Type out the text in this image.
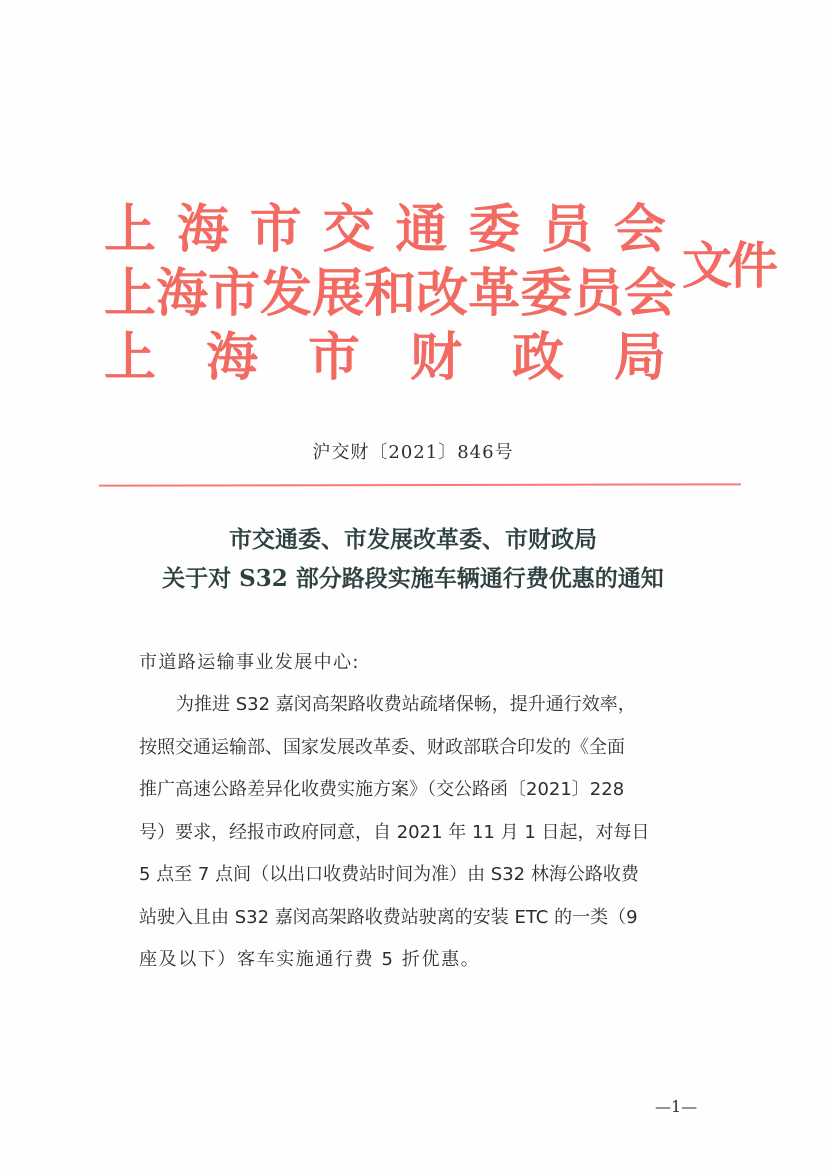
上 海 市 交 通 委 员 会
上 海 市 发 展 和 改 革 委 员 会
上 海 市 财 政 局
文件
沪交财〔2021〕846号
市交通委、市发展改革委、市财政局
关于对 S32 部分路段实施车辆通行费优惠的通知
市道路运输事业发展中心:
为推进 S32 嘉闵高架路收费站疏堵保畅，提升通行效率，
按照交通运输部、国家发展改革委、财政部联合印发的《全面
推广高速公路差异化收费实施方案》（交公路函〔2021〕228
号）要求，经报市政府同意，自 2021 年 11 月 1 日起，对每日
5 点至 7 点间（以出口收费站时间为准）由 S32 林海公路收费
站驶入且由 S32 嘉闵高架路收费站驶离的安装 ETC 的一类（9
座及以下）客车实施通行费 5 折优惠。
—1—
